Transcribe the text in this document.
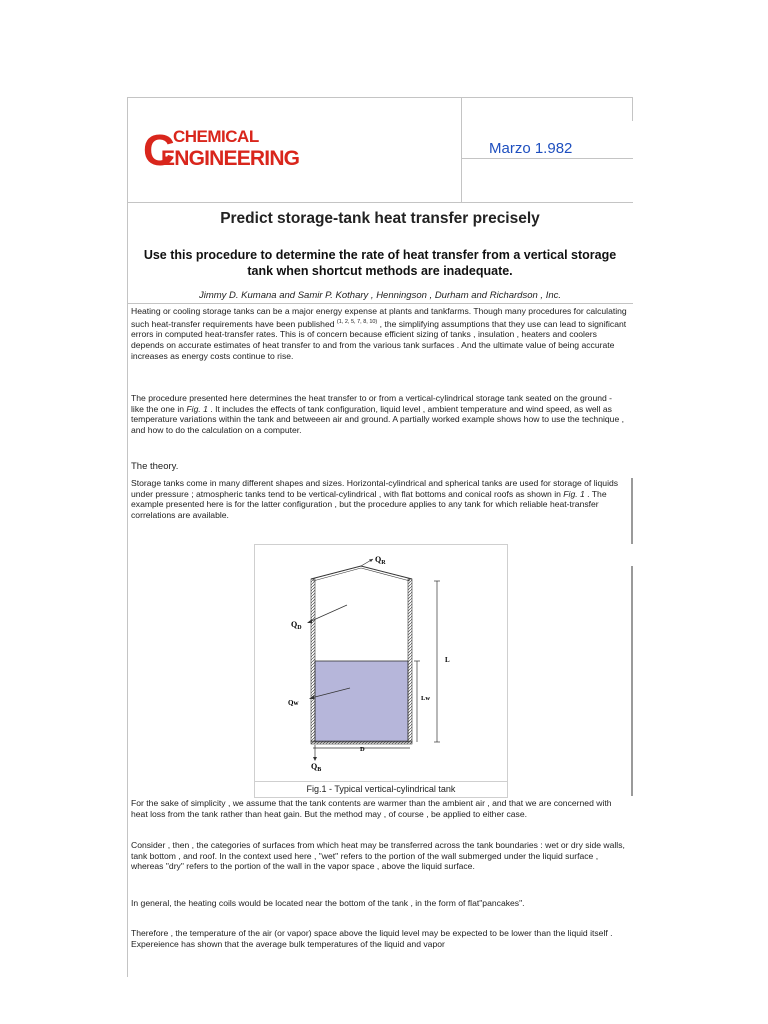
C
CHEMICAL
ENGINEERING	Marzo 1.982
Predict storage-tank heat transfer precisely
Use this procedure to determine the rate of heat transfer from a vertical storage tank when shortcut methods are inadequate.
Jimmy D. Kumana and Samir P. Kothary , Henningson , Durham and Richardson , Inc.

Heating or cooling storage tanks can be a major energy expense at plants and tankfarms. Though many procedures for calculating such heat-transfer requirements have been published $^{(1, 2, 5, 7, 8, 10)}$ , the simplifying assumptions that they use can lead to significant errors in computed heat-transfer rates. This is of concern because efficient sizing of tanks , insulation , heaters and coolers depends on accurate estimates of heat transfer to and from the various tank surfaces . And the ultimate value of being accurate increases as energy costs continue to rise.

The procedure presented here determines the heat transfer to or from a vertical-cylindrical storage tank seated on the ground - like the one in Fig. 1 . It includes the effects of tank configuration, liquid level , ambient temperature and wind speed, as well as temperature variations within the tank and betweeen air and ground. A partially worked example shows how to use the technique , and how to do the calculation on a computer.

The theory.

Storage tanks come in many different shapes and sizes. Horizontal-cylindrical and spherical tanks are used for storage of liquids under pressure ; atmospheric tanks tend to be vertical-cylindrical , with flat bottoms and conical roofs as shown in Fig. 1 . The example presented here is for the latter configuration , but the procedure applies to any tank for which reliable heat-transfer correlations are available.

$Q_R$
$Q_D$
Qw
L
Lw
D
$Q_B$
Fig.1 - Typical vertical-cylindrical tank

For the sake of simplicity , we assume that the tank contents are warmer than the ambient air , and that we are concerned with heat loss from the tank rather than heat gain. But the method may , of course , be applied to either case.

Consider , then , the categories of surfaces from which heat may be transferred across the tank boundaries : wet or dry side walls, tank bottom , and roof. In the context used here , "wet" refers to the portion of the wall submerged under the liquid surface , whereas "dry" refers to the portion of the wall in the vapor space , above the liquid surface.

In general, the heating coils would be located near the bottom of the tank , in the form of flat"pancakes".

Therefore , the temperature of the air (or vapor) space above the liquid level may be expected to be lower than the liquid itself . Expereience has shown that the average bulk temperatures of the liquid and vapor
